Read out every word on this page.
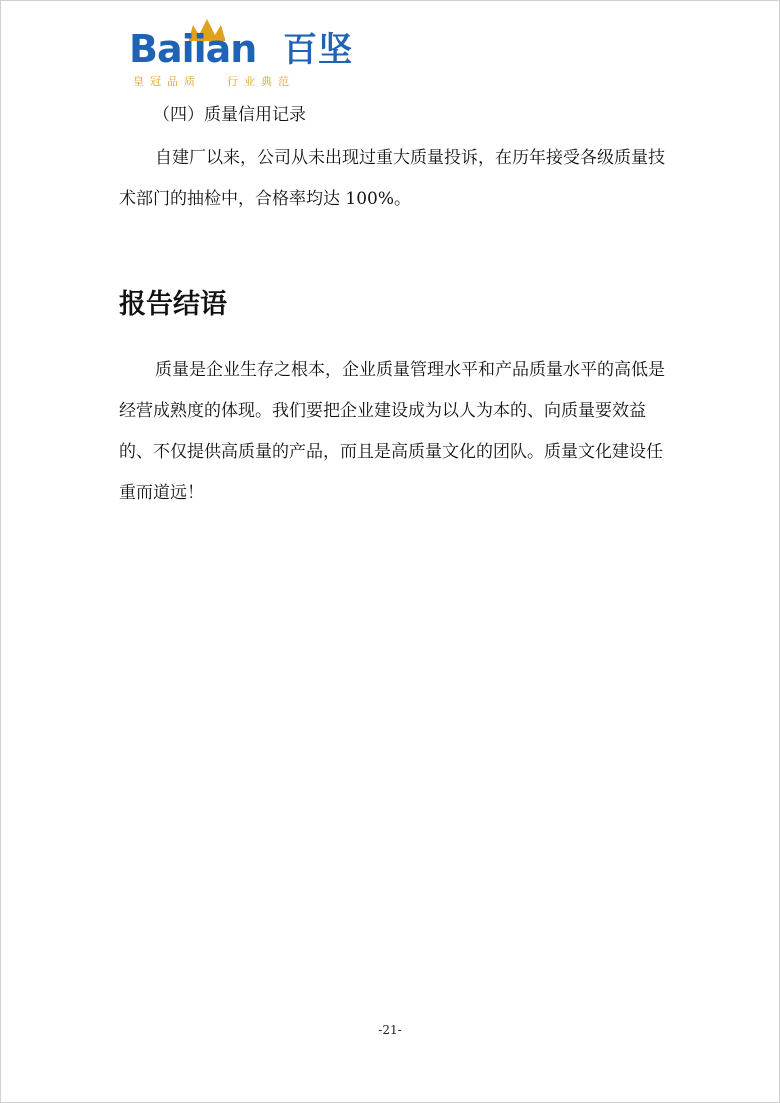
Baiian 百坚
皇冠品质 行业典范
（四）质量信用记录

自建厂以来，公司从未出现过重大质量投诉，在历年接受各级质量技术部门的抽检中，合格率均达 100%。

报告结语

质量是企业生存之根本，企业质量管理水平和产品质量水平的高低是经营成熟度的体现。我们要把企业建设成为以人为本的、向质量要效益的、不仅提供高质量的产品，而且是高质量文化的团队。质量文化建设任重而道远！

-21-
